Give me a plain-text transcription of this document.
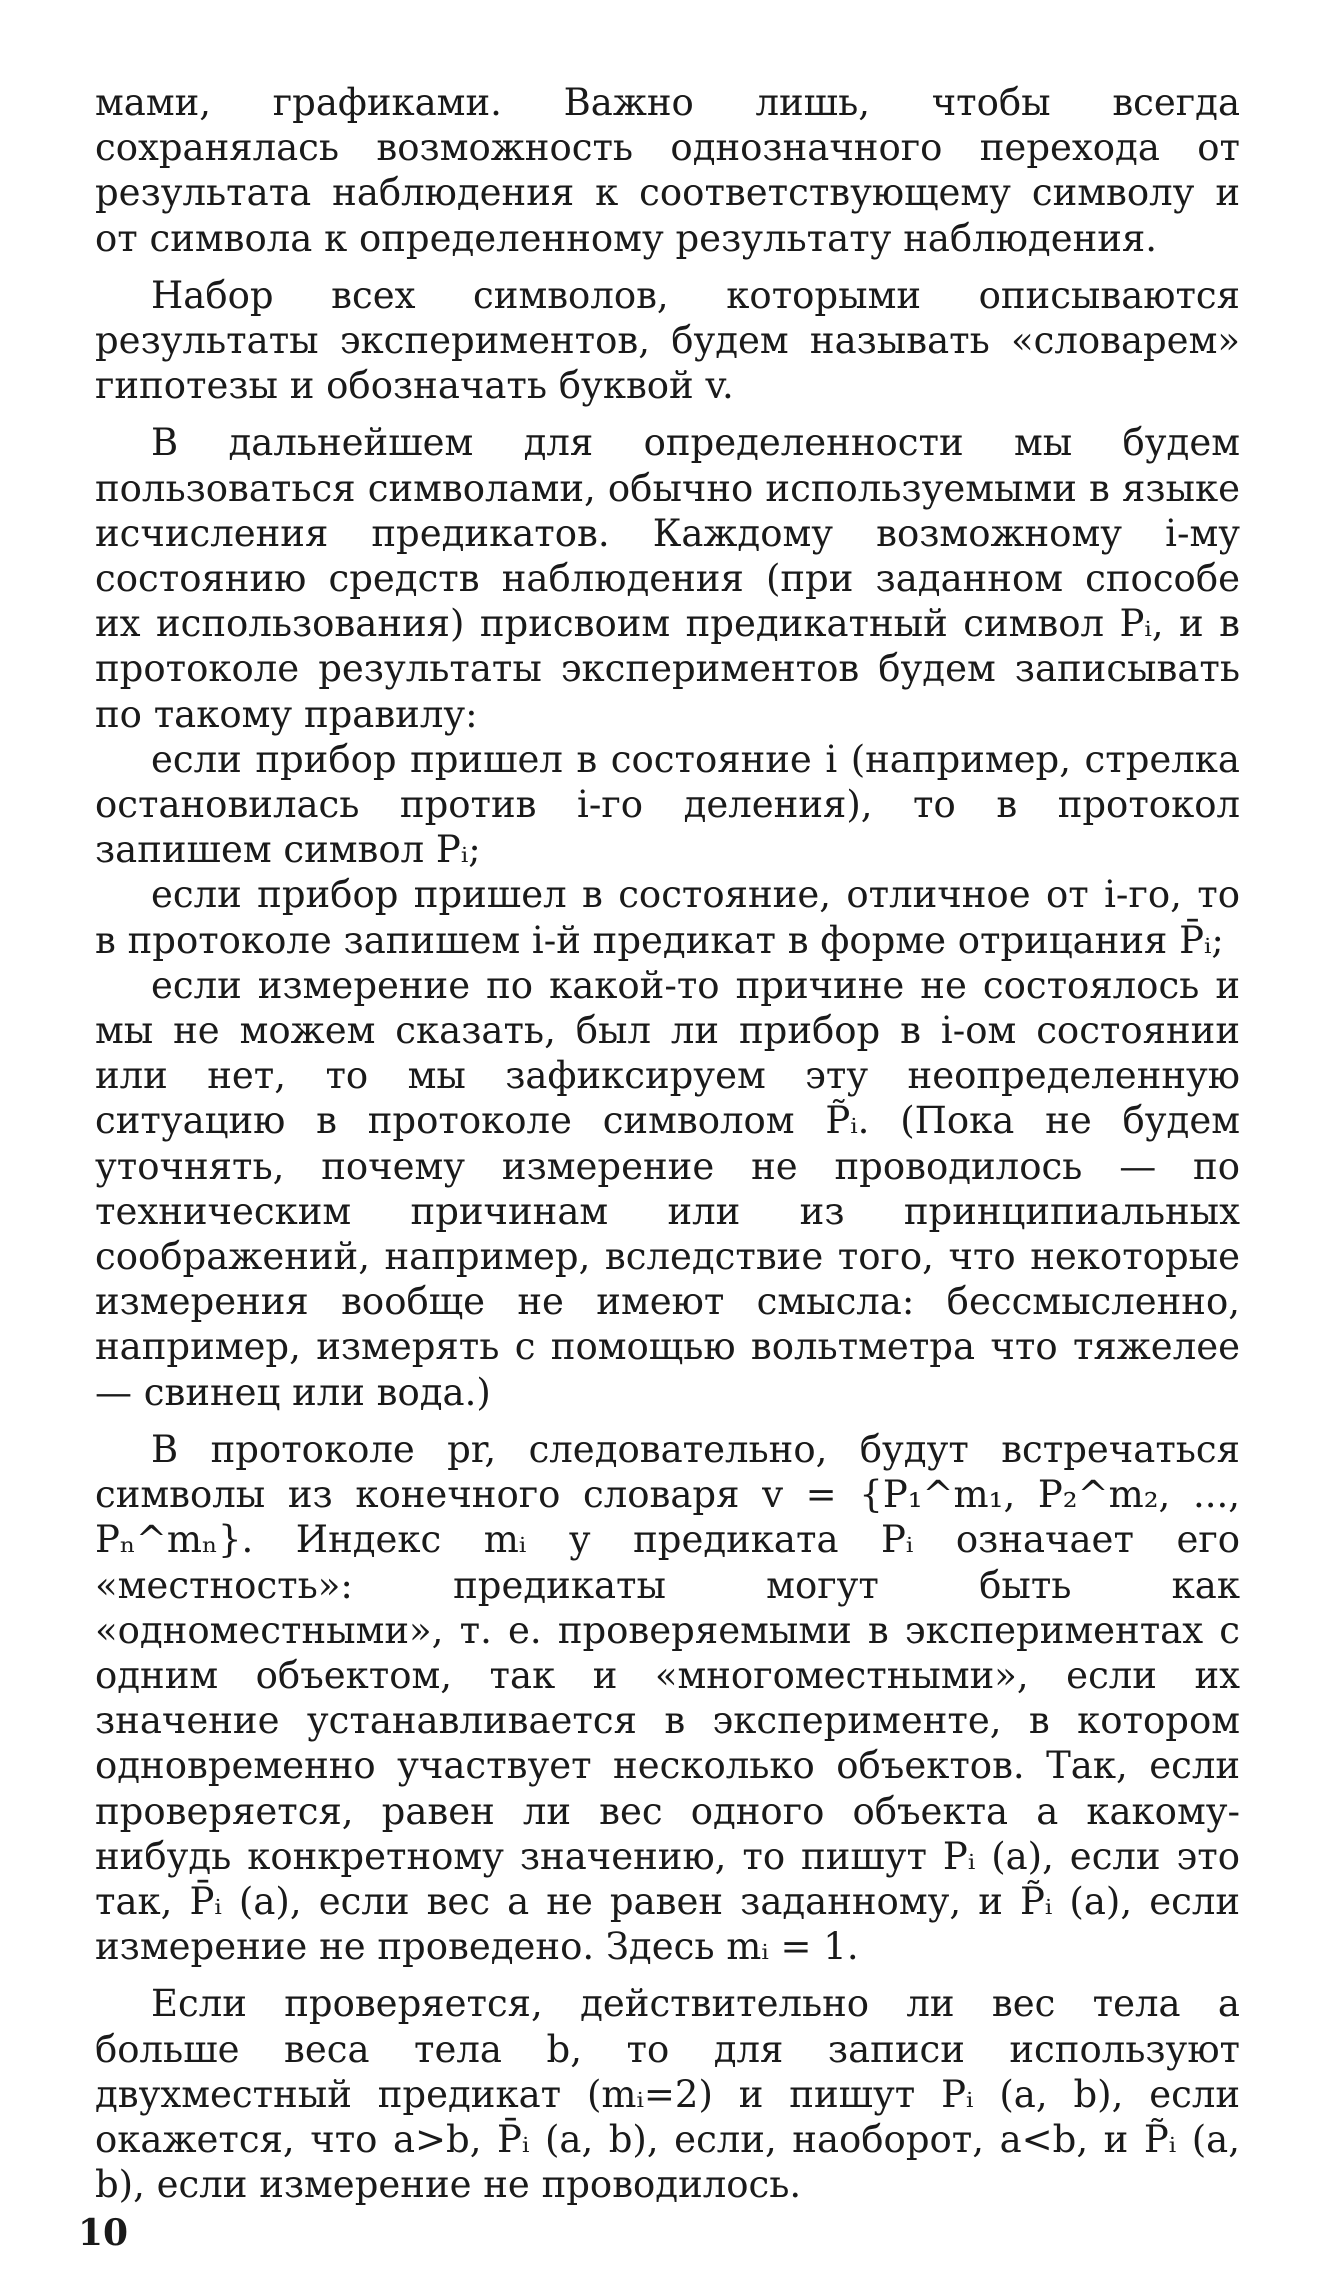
мами, графиками. Важно лишь, чтобы всегда сохранялась возможность однозначного перехода от результата наблюдения к соответствующему символу и от символа к определенному результату наблюдения.

Набор всех символов, которыми описываются результаты экспериментов, будем называть «словарем» гипотезы и обозначать буквой v.

В дальнейшем для определенности мы будем пользоваться символами, обычно используемыми в языке исчисления предикатов. Каждому возможному i-му состоянию средств наблюдения (при заданном способе их использования) присвоим предикатный символ Pᵢ, и в протоколе результаты экспериментов будем записывать по такому правилу:

если прибор пришел в состояние i (например, стрелка остановилась против i-го деления), то в протокол запишем символ Pᵢ;

если прибор пришел в состояние, отличное от i-го, то в протоколе запишем i-й предикат в форме отрицания P̄ᵢ;

если измерение по какой-то причине не состоялось и мы не можем сказать, был ли прибор в i-ом состоянии или нет, то мы зафиксируем эту неопределенную ситуацию в протоколе символом P̃ᵢ. (Пока не будем уточнять, почему измерение не проводилось — по техническим причинам или из принципиальных соображений, например, вследствие того, что некоторые измерения вообще не имеют смысла: бессмысленно, например, измерять с помощью вольтметра что тяжелее — свинец или вода.)

В протоколе pr, следовательно, будут встречаться символы из конечного словаря v = {P₁^m₁, P₂^m₂, ..., Pₙ^mₙ}. Индекс mᵢ у предиката Pᵢ означает его «местность»: предикаты могут быть как «одноместными», т. е. проверяемыми в экспериментах с одним объектом, так и «многоместными», если их значение устанавливается в эксперименте, в котором одновременно участвует несколько объектов. Так, если проверяется, равен ли вес одного объекта a какому-нибудь конкретному значению, то пишут Pᵢ (a), если это так, P̄ᵢ (a), если вес a не равен заданному, и P̃ᵢ (a), если измерение не проведено. Здесь mᵢ = 1.

Если проверяется, действительно ли вес тела a больше веса тела b, то для записи используют двухместный предикат (mᵢ=2) и пишут Pᵢ (a, b), если окажется, что a>b, P̄ᵢ (a, b), если, наоборот, a<b, и P̃ᵢ (a, b), если измерение не проводилось.

10
